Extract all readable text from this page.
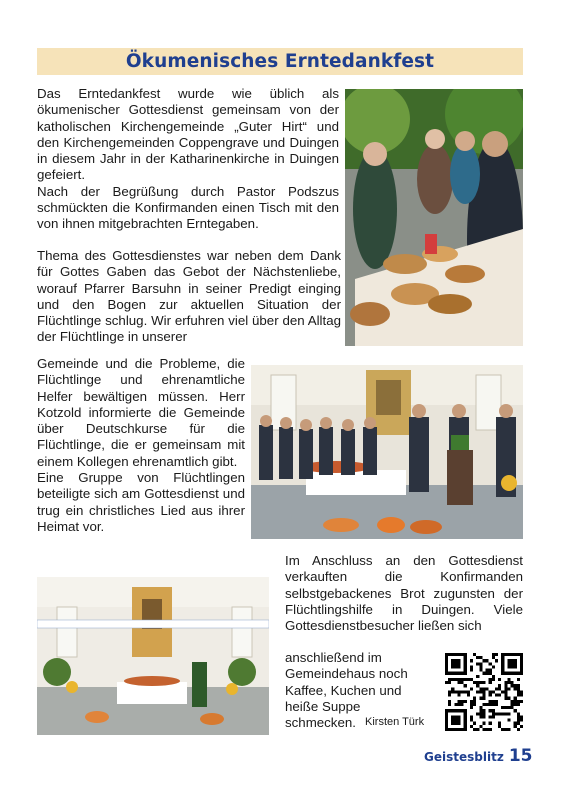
Ökumenisches Erntedankfest

Das Erntedankfest wurde wie üblich als ökumenischer Gottesdienst gemeinsam von der katholischen Kirchengemeinde „Guter Hirt“ und den Kirchengemeinden Coppengrave und Duingen in diesem Jahr in der Katharinenkirche in Duingen gefeiert.

Nach der Begrüßung durch Pastor Podszus schmückten die Konfirmanden einen Tisch mit den von ihnen mitgebrachten Erntegaben.

Thema des Gottesdienstes war neben dem Dank für Gottes Gaben das Gebot der Nächstenliebe, worauf Pfarrer Barsuhn in seiner Predigt einging und den Bogen zur aktuellen Situation der Flüchtlinge schlug. Wir erfuhren viel über den Alltag der Flüchtlinge in unserer

Gemeinde und die Probleme, die Flüchtlinge und ehrenamtliche Helfer bewältigen müssen. Herr Kotzold informierte die Gemeinde über Deutschkurse für die Flüchtlinge, die er gemeinsam mit einem Kollegen ehrenamtlich gibt.

Eine Gruppe von Flüchtlingen beteiligte sich am Gottesdienst und trug ein christliches Lied aus ihrer Heimat vor.

Im Anschluss an den Gottesdienst verkauften die Konfirmanden selbstgebackenes Brot zugunsten der Flüchtlingshilfe in Duingen. Viele Gottesdienstbesucher ließen sich

anschließend im Gemeindehaus noch Kaffee, Kuchen und heiße Suppe schmecken. Kirsten Türk
Geistesblitz 15
